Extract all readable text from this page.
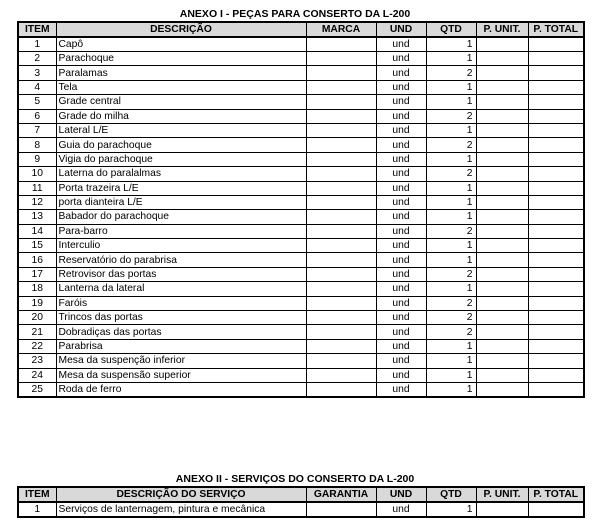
ANEXO I - PEÇAS PARA CONSERTO DA L-200
ITEM	DESCRIÇÃO	MARCA	UND	QTD	P. UNIT.	P. TOTAL
1	Capô		und	1		
2	Parachoque		und	1		
3	Paralamas		und	2		
4	Tela		und	1		
5	Grade central		und	1		
6	Grade do milha		und	2		
7	Lateral L/E		und	1		
8	Guia do parachoque		und	2		
9	Vigia do parachoque		und	1		
10	Laterna do paralalmas		und	2		
11	Porta trazeira L/E		und	1		
12	porta dianteira L/E		und	1		
13	Babador do parachoque		und	1		
14	Para-barro		und	2		
15	Interculio		und	1		
16	Reservatório do parabrisa		und	1		
17	Retrovisor das portas		und	2		
18	Lanterna da lateral		und	1		
19	Faróis		und	2		
20	Trincos das portas		und	2		
21	Dobradiças das portas		und	2		
22	Parabrisa		und	1		
23	Mesa da suspenção inferior		und	1		
24	Mesa da suspensão superior		und	1		
25	Roda de ferro		und	1		
ANEXO II - SERVIÇOS DO CONSERTO DA L-200
ITEM	DESCRIÇÃO DO SERVIÇO	GARANTIA	UND	QTD	P. UNIT.	P. TOTAL
1	Serviços de lanternagem, pintura e mecânica		und	1		
